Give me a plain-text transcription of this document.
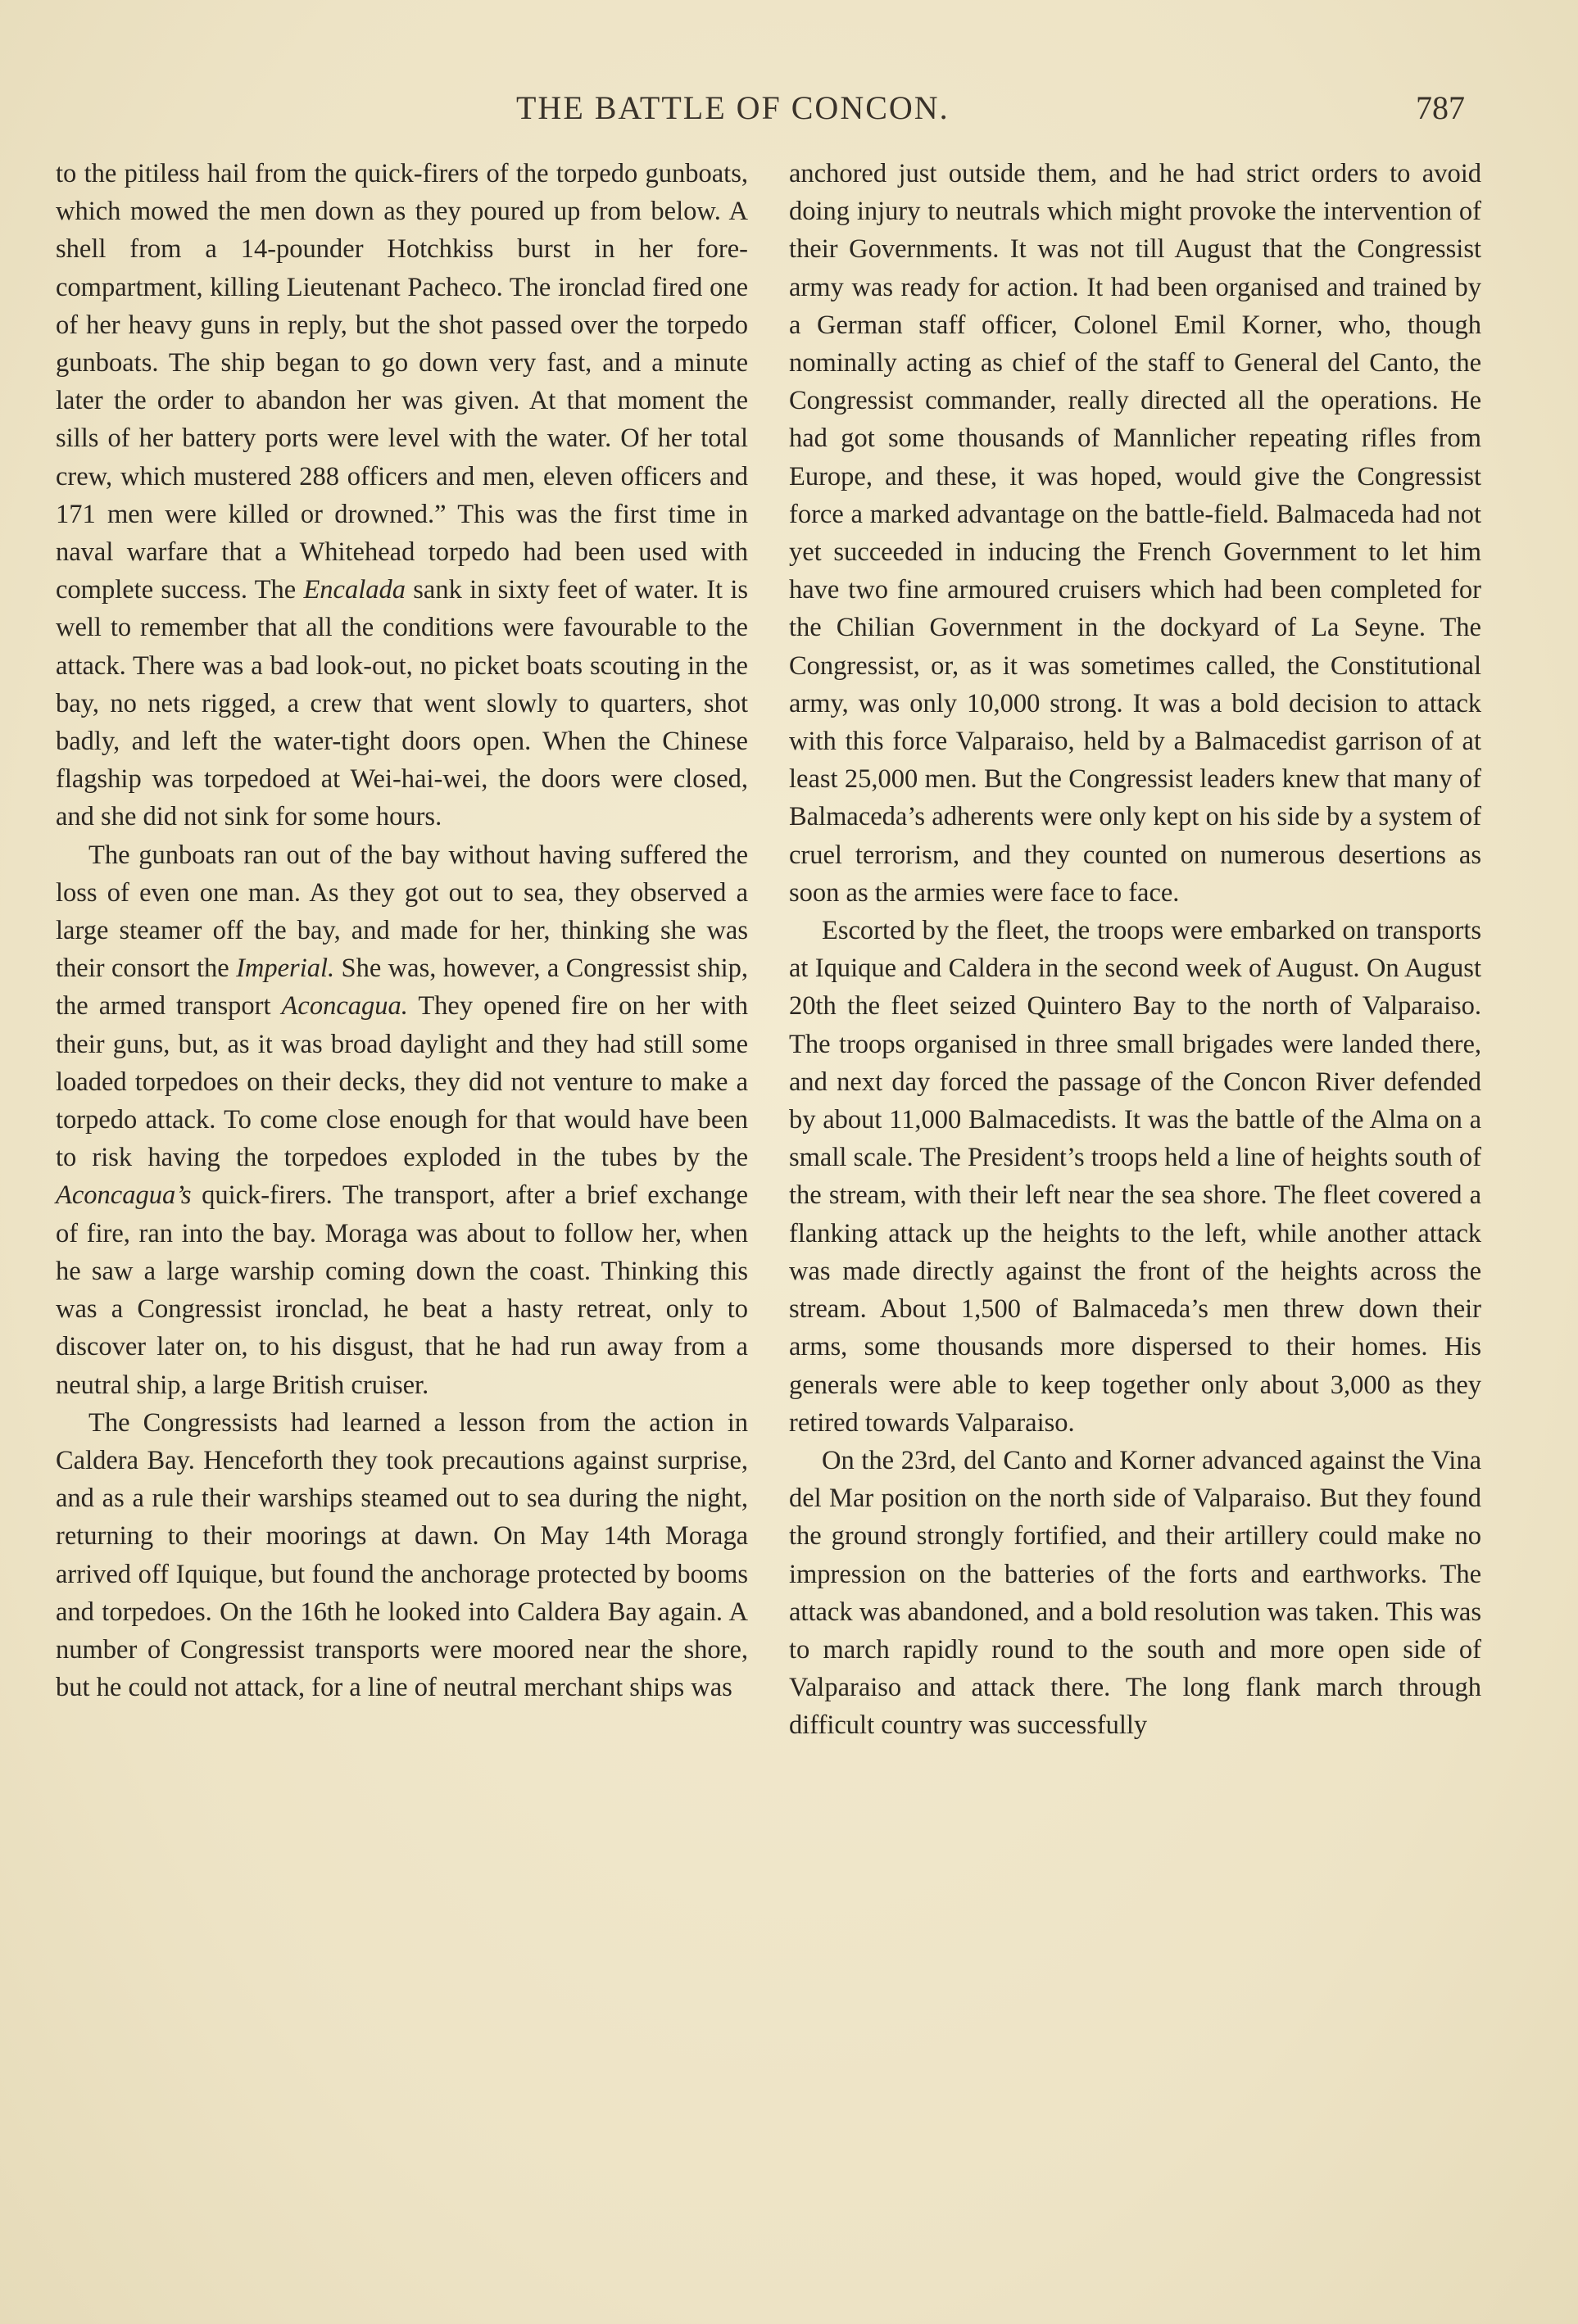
THE BATTLE OF CONCON.	787

to the pitiless hail from the quick-firers of the torpedo gunboats, which mowed the men down as they poured up from below. A shell from a 14-pounder Hotchkiss burst in her fore-compartment, killing Lieutenant Pacheco. The ironclad fired one of her heavy guns in reply, but the shot passed over the torpedo gunboats. The ship began to go down very fast, and a minute later the order to abandon her was given. At that moment the sills of her battery ports were level with the water. Of her total crew, which mustered 288 officers and men, eleven officers and 171 men were killed or drowned.” This was the first time in naval warfare that a Whitehead torpedo had been used with complete success. The Encalada sank in sixty feet of water. It is well to remember that all the conditions were favourable to the attack. There was a bad look-out, no picket boats scouting in the bay, no nets rigged, a crew that went slowly to quarters, shot badly, and left the water-tight doors open. When the Chinese flagship was torpedoed at Wei-hai-wei, the doors were closed, and she did not sink for some hours.

The gunboats ran out of the bay without having suffered the loss of even one man. As they got out to sea, they observed a large steamer off the bay, and made for her, thinking she was their consort the Imperial. She was, however, a Congressist ship, the armed transport Aconcagua. They opened fire on her with their guns, but, as it was broad daylight and they had still some loaded torpedoes on their decks, they did not venture to make a torpedo attack. To come close enough for that would have been to risk having the torpedoes exploded in the tubes by the Aconcagua’s quick-firers. The transport, after a brief exchange of fire, ran into the bay. Moraga was about to follow her, when he saw a large warship coming down the coast. Thinking this was a Congressist ironclad, he beat a hasty retreat, only to discover later on, to his disgust, that he had run away from a neutral ship, a large British cruiser.

The Congressists had learned a lesson from the action in Caldera Bay. Henceforth they took precautions against surprise, and as a rule their warships steamed out to sea during the night, returning to their moorings at dawn. On May 14th Moraga arrived off Iquique, but found the anchorage protected by booms and torpedoes. On the 16th he looked into Caldera Bay again. A number of Congressist transports were moored near the shore, but he could not attack, for a line of neutral merchant ships was

anchored just outside them, and he had strict orders to avoid doing injury to neutrals which might provoke the intervention of their Governments. It was not till August that the Congressist army was ready for action. It had been organised and trained by a German staff officer, Colonel Emil Korner, who, though nominally acting as chief of the staff to General del Canto, the Congressist commander, really directed all the operations. He had got some thousands of Mannlicher repeating rifles from Europe, and these, it was hoped, would give the Congressist force a marked advantage on the battle-field. Balmaceda had not yet succeeded in inducing the French Government to let him have two fine armoured cruisers which had been completed for the Chilian Government in the dockyard of La Seyne. The Congressist, or, as it was sometimes called, the Constitutional army, was only 10,000 strong. It was a bold decision to attack with this force Valparaiso, held by a Balmacedist garrison of at least 25,000 men. But the Congressist leaders knew that many of Balmaceda’s adherents were only kept on his side by a system of cruel terrorism, and they counted on numerous desertions as soon as the armies were face to face.

Escorted by the fleet, the troops were embarked on transports at Iquique and Caldera in the second week of August. On August 20th the fleet seized Quintero Bay to the north of Valparaiso. The troops organised in three small brigades were landed there, and next day forced the passage of the Concon River defended by about 11,000 Balmacedists. It was the battle of the Alma on a small scale. The President’s troops held a line of heights south of the stream, with their left near the sea shore. The fleet covered a flanking attack up the heights to the left, while another attack was made directly against the front of the heights across the stream. About 1,500 of Balmaceda’s men threw down their arms, some thousands more dispersed to their homes. His generals were able to keep together only about 3,000 as they retired towards Valparaiso.

On the 23rd, del Canto and Korner advanced against the Vina del Mar position on the north side of Valparaiso. But they found the ground strongly fortified, and their artillery could make no impression on the batteries of the forts and earthworks. The attack was abandoned, and a bold resolution was taken. This was to march rapidly round to the south and more open side of Valparaiso and attack there. The long flank march through difficult country was successfully
